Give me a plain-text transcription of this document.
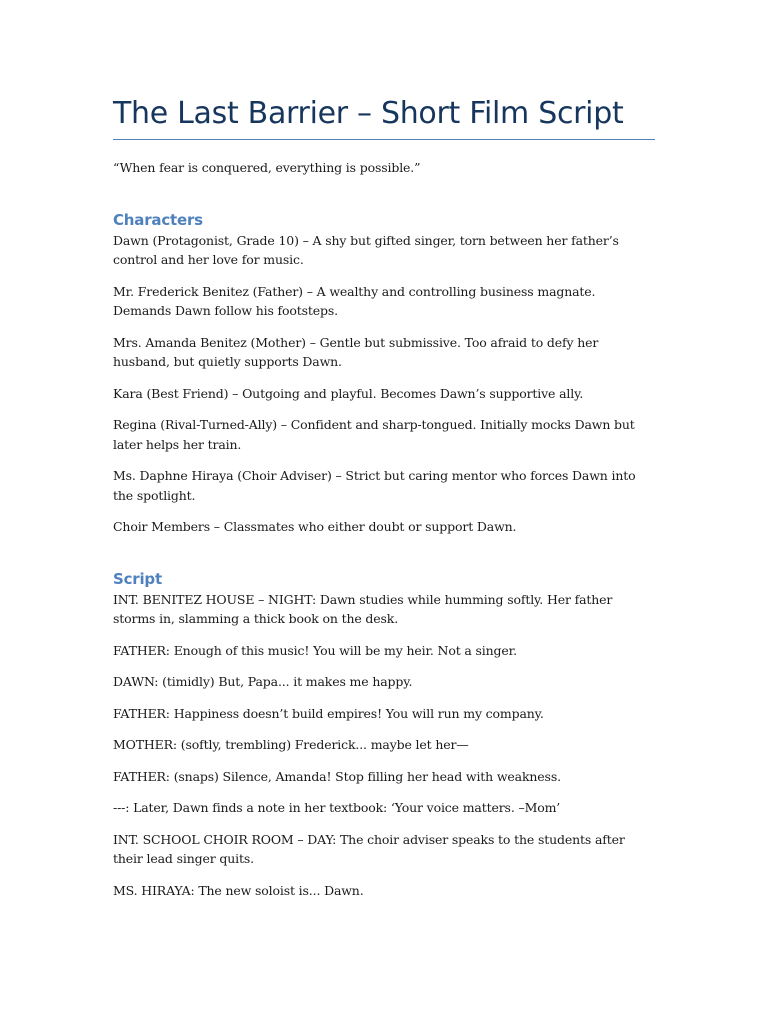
The Last Barrier – Short Film Script

“When fear is conquered, everything is possible.”

Characters

Dawn (Protagonist, Grade 10) – A shy but gifted singer, torn between her father’s control and her love for music.

Mr. Frederick Benitez (Father) – A wealthy and controlling business magnate. Demands Dawn follow his footsteps.

Mrs. Amanda Benitez (Mother) – Gentle but submissive. Too afraid to defy her husband, but quietly supports Dawn.

Kara (Best Friend) – Outgoing and playful. Becomes Dawn’s supportive ally.

Regina (Rival-Turned-Ally) – Confident and sharp-tongued. Initially mocks Dawn but later helps her train.

Ms. Daphne Hiraya (Choir Adviser) – Strict but caring mentor who forces Dawn into the spotlight.

Choir Members – Classmates who either doubt or support Dawn.

Script

INT. BENITEZ HOUSE – NIGHT: Dawn studies while humming softly. Her father storms in, slamming a thick book on the desk.

FATHER: Enough of this music! You will be my heir. Not a singer.

DAWN: (timidly) But, Papa... it makes me happy.

FATHER: Happiness doesn’t build empires! You will run my company.

MOTHER: (softly, trembling) Frederick... maybe let her—

FATHER: (snaps) Silence, Amanda! Stop filling her head with weakness.

---: Later, Dawn finds a note in her textbook: ‘Your voice matters. –Mom’

INT. SCHOOL CHOIR ROOM – DAY: The choir adviser speaks to the students after their lead singer quits.

MS. HIRAYA: The new soloist is... Dawn.
